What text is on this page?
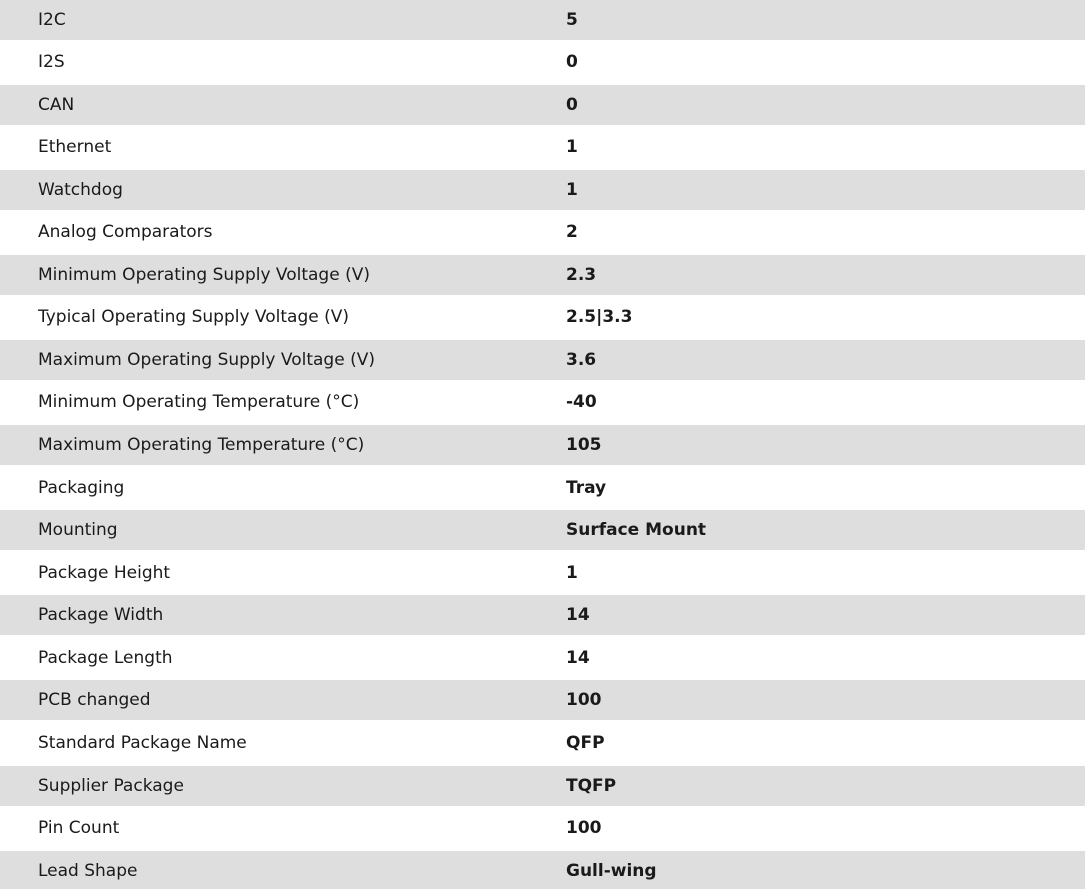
I2C	5
I2S	0
CAN	0
Ethernet	1
Watchdog	1
Analog Comparators	2
Minimum Operating Supply Voltage (V)	2.3
Typical Operating Supply Voltage (V)	2.5|3.3
Maximum Operating Supply Voltage (V)	3.6
Minimum Operating Temperature (°C)	-40
Maximum Operating Temperature (°C)	105
Packaging	Tray
Mounting	Surface Mount
Package Height	1
Package Width	14
Package Length	14
PCB changed	100
Standard Package Name	QFP
Supplier Package	TQFP
Pin Count	100
Lead Shape	Gull-wing
